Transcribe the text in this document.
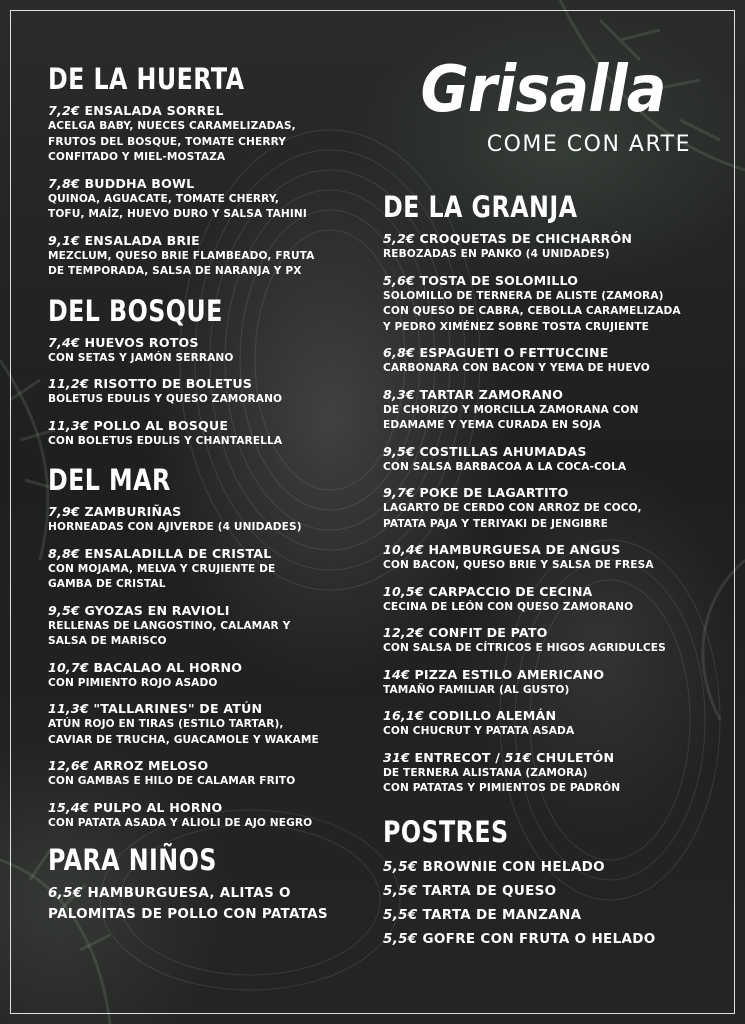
DE LA HUERTA
7,2€ ENSALADA SORREL
ACELGA BABY, NUECES CARAMELIZADAS,
FRUTOS DEL BOSQUE, TOMATE CHERRY
CONFITADO Y MIEL-MOSTAZA
7,8€ BUDDHA BOWL
QUINOA, AGUACATE, TOMATE CHERRY,
TOFU, MAÍZ, HUEVO DURO Y SALSA TAHINI
9,1€ ENSALADA BRIE
MEZCLUM, QUESO BRIE FLAMBEADO, FRUTA
DE TEMPORADA, SALSA DE NARANJA Y PX
DEL BOSQUE
7,4€ HUEVOS ROTOS
CON SETAS Y JAMÓN SERRANO
11,2€ RISOTTO DE BOLETUS
BOLETUS EDULIS Y QUESO ZAMORANO
11,3€ POLLO AL BOSQUE
CON BOLETUS EDULIS Y CHANTARELLA
DEL MAR
7,9€ ZAMBURIÑAS
HORNEADAS CON AJIVERDE (4 UNIDADES)
8,8€ ENSALADILLA DE CRISTAL
CON MOJAMA, MELVA Y CRUJIENTE DE
GAMBA DE CRISTAL
9,5€ GYOZAS EN RAVIOLI
RELLENAS DE LANGOSTINO, CALAMAR Y
SALSA DE MARISCO
10,7€ BACALAO AL HORNO
CON PIMIENTO ROJO ASADO
11,3€ "TALLARINES" DE ATÚN
ATÚN ROJO EN TIRAS (ESTILO TARTAR),
CAVIAR DE TRUCHA, GUACAMOLE Y WAKAME
12,6€ ARROZ MELOSO
CON GAMBAS E HILO DE CALAMAR FRITO
15,4€ PULPO AL HORNO
CON PATATA ASADA Y ALIOLI DE AJO NEGRO
PARA NIÑOS
6,5€ HAMBURGUESA, ALITAS O
PALOMITAS DE POLLO CON PATATAS
Grisalla
COME CON ARTE
DE LA GRANJA
5,2€ CROQUETAS DE CHICHARRÓN
REBOZADAS EN PANKO (4 UNIDADES)
5,6€ TOSTA DE SOLOMILLO
SOLOMILLO DE TERNERA DE ALISTE (ZAMORA)
CON QUESO DE CABRA, CEBOLLA CARAMELIZADA
Y PEDRO XIMÉNEZ SOBRE TOSTA CRUJIENTE
6,8€ ESPAGUETI O FETTUCCINE
CARBONARA CON BACON Y YEMA DE HUEVO
8,3€ TARTAR ZAMORANO
DE CHORIZO Y MORCILLA ZAMORANA CON
EDAMAME Y YEMA CURADA EN SOJA
9,5€ COSTILLAS AHUMADAS
CON SALSA BARBACOA A LA COCA-COLA
9,7€ POKE DE LAGARTITO
LAGARTO DE CERDO CON ARROZ DE COCO,
PATATA PAJA Y TERIYAKI DE JENGIBRE
10,4€ HAMBURGUESA DE ANGUS
CON BACON, QUESO BRIE Y SALSA DE FRESA
10,5€ CARPACCIO DE CECINA
CECINA DE LEÓN CON QUESO ZAMORANO
12,2€ CONFIT DE PATO
CON SALSA DE CÍTRICOS E HIGOS AGRIDULCES
14€ PIZZA ESTILO AMERICANO
TAMAÑO FAMILIAR (AL GUSTO)
16,1€ CODILLO ALEMÁN
CON CHUCRUT Y PATATA ASADA
31€ ENTRECOT / 51€ CHULETÓN
DE TERNERA ALISTANA (ZAMORA)
CON PATATAS Y PIMIENTOS DE PADRÓN
POSTRES
5,5€ BROWNIE CON HELADO
5,5€ TARTA DE QUESO
5,5€ TARTA DE MANZANA
5,5€ GOFRE CON FRUTA O HELADO
